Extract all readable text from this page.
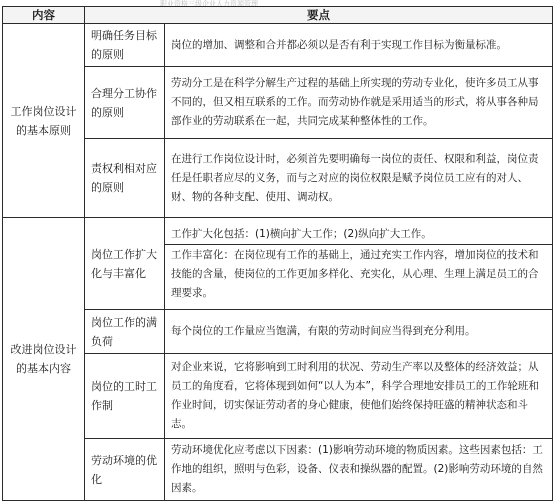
职业资格三级企业人力资源管理
内容	要点	
工作岗位设计的基本原则	明确任务目标的原则	岗位的增加、调整和合并都必须以是否有利于实现工作目标为衡量标准。
	合理分工协作的原则	劳动分工是在科学分解生产过程的基础上所实现的劳动专业化，使许多员工从事不同的，但又相互联系的工作。而劳动协作就是采用适当的形式，将从事各种局部作业的劳动联系在一起，共同完成某种整体性的工作。
	责权利相对应的原则	在进行工作岗位设计时，必须首先要明确每一岗位的责任、权限和利益，岗位责任是任职者应尽的义务，而与之对应的岗位权限是赋予岗位员工应有的对人、财、物的各种支配、使用、调动权。
改进岗位设计的基本内容	岗位工作扩大化与丰富化	工作扩大化包括：(1)横向扩大工作；(2)纵向扩大工作。
工作丰富化：在岗位现有工作的基础上，通过充实工作内容，增加岗位的技术和技能的含量，使岗位的工作更加多样化、充实化，从心理、生理上满足员工的合理要求。

	岗位工作的满负荷	每个岗位的工作量应当饱满，有限的劳动时间应当得到充分利用。
	岗位的工时工作制	对企业来说，它将影响到工时利用的状况、劳动生产率以及整体的经济效益；从员工的角度看，它将体现到如何“以人为本”，科学合理地安排员工的工作轮班和作业时间，切实保证劳动者的身心健康，使他们始终保持旺盛的精神状态和斗志。
	劳动环境的优化	劳动环境优化应考虑以下因素：(1)影响劳动环境的物质因素。这些因素包括：工作地的组织，照明与色彩，设备、仪表和操纵器的配置。(2)影响劳动环境的自然因素。
